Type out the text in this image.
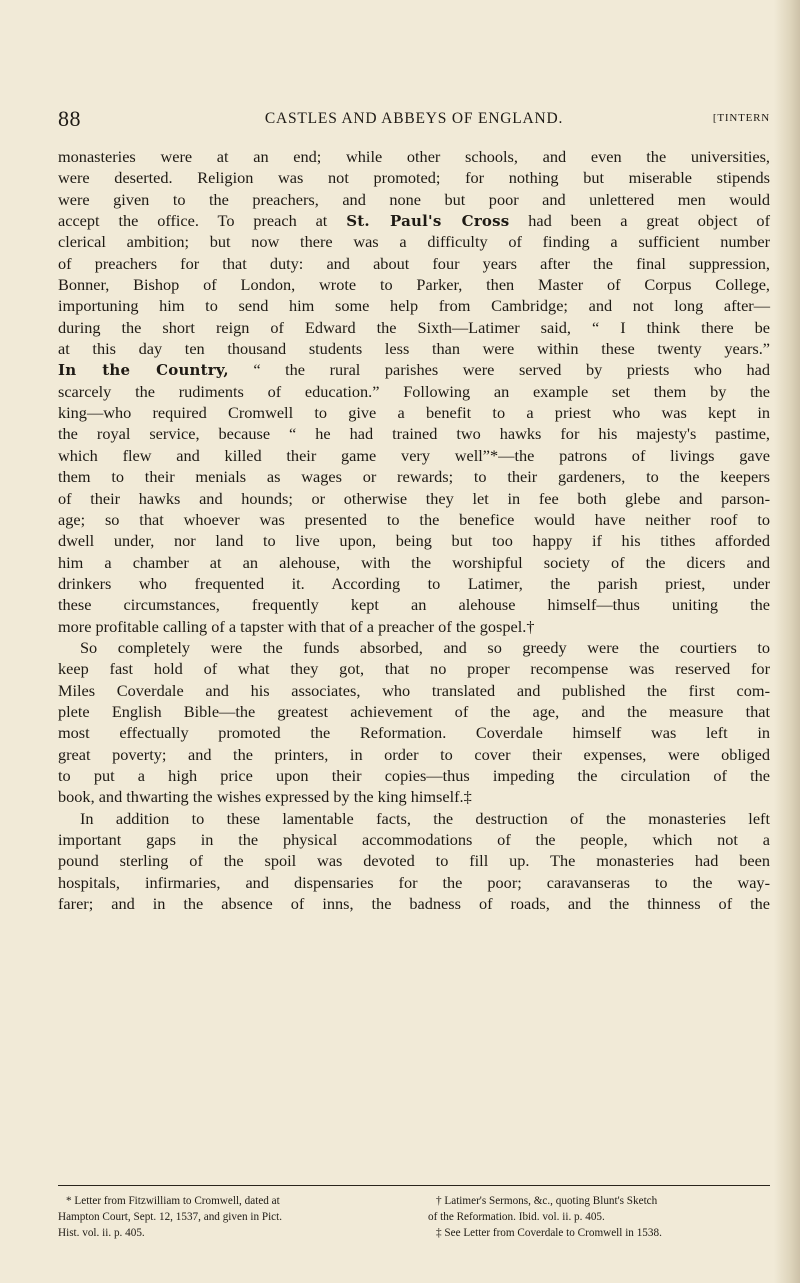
88	CASTLES AND ABBEYS OF ENGLAND.	[TINTERN
monasteries were at an end; while other schools, and even the universities,
were deserted. Religion was not promoted; for nothing but miserable stipends
were given to the preachers, and none but poor and unlettered men would
accept the office. To preach at St. Paul's Cross had been a great object of
clerical ambition; but now there was a difficulty of finding a sufficient number
of preachers for that duty: and about four years after the final suppression,
Bonner, Bishop of London, wrote to Parker, then Master of Corpus College,
importuning him to send him some help from Cambridge; and not long after—
during the short reign of Edward the Sixth—Latimer said, “ I think there be
at this day ten thousand students less than were within these twenty years.”
In the Country, “ the rural parishes were served by priests who had
scarcely the rudiments of education.” Following an example set them by the
king—who required Cromwell to give a benefit to a priest who was kept in
the royal service, because “ he had trained two hawks for his majesty's pastime,
which flew and killed their game very well”*—the patrons of livings gave
them to their menials as wages or rewards; to their gardeners, to the keepers
of their hawks and hounds; or otherwise they let in fee both glebe and parson-
age; so that whoever was presented to the benefice would have neither roof to
dwell under, nor land to live upon, being but too happy if his tithes afforded
him a chamber at an alehouse, with the worshipful society of the dicers and
drinkers who frequented it. According to Latimer, the parish priest, under
these circumstances, frequently kept an alehouse himself—thus uniting the
more profitable calling of a tapster with that of a preacher of the gospel.†
So completely were the funds absorbed, and so greedy were the courtiers to
keep fast hold of what they got, that no proper recompense was reserved for
Miles Coverdale and his associates, who translated and published the first com-
plete English Bible—the greatest achievement of the age, and the measure that
most effectually promoted the Reformation. Coverdale himself was left in
great poverty; and the printers, in order to cover their expenses, were obliged
to put a high price upon their copies—thus impeding the circulation of the
book, and thwarting the wishes expressed by the king himself.‡
In addition to these lamentable facts, the destruction of the monasteries left
important gaps in the physical accommodations of the people, which not a
pound sterling of the spoil was devoted to fill up. The monasteries had been
hospitals, infirmaries, and dispensaries for the poor; caravanseras to the way-
farer; and in the absence of inns, the badness of roads, and the thinness of the
* Letter from Fitzwilliam to Cromwell, dated at
Hampton Court, Sept. 12, 1537, and given in Pict.
Hist. vol. ii. p. 405.
† Latimer's Sermons, &c., quoting Blunt's Sketch
of the Reformation. Ibid. vol. ii. p. 405.
‡ See Letter from Coverdale to Cromwell in 1538.
